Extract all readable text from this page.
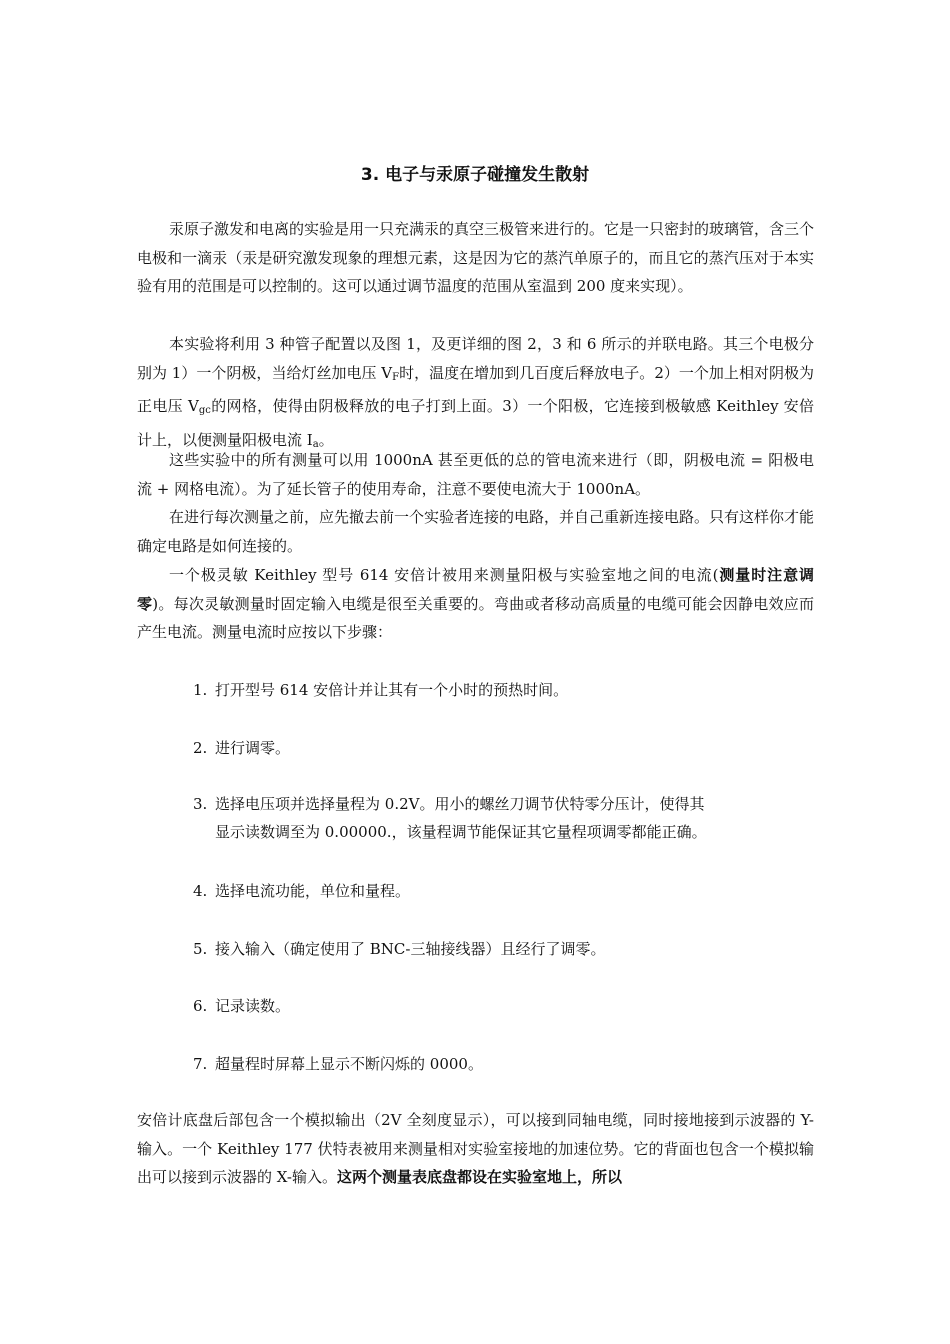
3. 电子与汞原子碰撞发生散射

汞原子激发和电离的实验是用一只充满汞的真空三极管来进行的。它是一只密封的玻璃管，含三个电极和一滴汞（汞是研究激发现象的理想元素，这是因为它的蒸汽单原子的，而且它的蒸汽压对于本实验有用的范围是可以控制的。这可以通过调节温度的范围从室温到 200 度来实现）。

本实验将利用 3 种管子配置以及图 1，及更详细的图 2，3 和 6 所示的并联电路。其三个电极分别为 1）一个阴极，当给灯丝加电压 $V_F$时，温度在增加到几百度后释放电子。2）一个加上相对阴极为正电压 $V_{gc}$的网格，使得由阴极释放的电子打到上面。3）一个阳极，它连接到极敏感 Keithley 安倍计上，以便测量阳极电流 $I_a$。

这些实验中的所有测量可以用 1000nA 甚至更低的总的管电流来进行（即，阴极电流 = 阳极电流 + 网格电流）。为了延长管子的使用寿命，注意不要使电流大于 1000nA。

在进行每次测量之前，应先撤去前一个实验者连接的电路，并自己重新连接电路。只有这样你才能确定电路是如何连接的。

一个极灵敏 Keithley 型号 614 安倍计被用来测量阳极与实验室地之间的电流(测量时注意调零)。每次灵敏测量时固定输入电缆是很至关重要的。弯曲或者移动高质量的电缆可能会因静电效应而产生电流。测量电流时应按以下步骤：

1. 打开型号 614 安倍计并让其有一个小时的预热时间。
2. 进行调零。
3. 选择电压项并选择量程为 0.2V。用小的螺丝刀调节伏特零分压计，使得其
显示读数调至为 0.00000.，该量程调节能保证其它量程项调零都能正确。
4. 选择电流功能，单位和量程。
5. 接入输入（确定使用了 BNC-三轴接线器）且经行了调零。
6. 记录读数。
7. 超量程时屏幕上显示不断闪烁的 0000。

安倍计底盘后部包含一个模拟输出（2V 全刻度显示），可以接到同轴电缆，同时接地接到示波器的 Y-输入。一个 Keithley 177 伏特表被用来测量相对实验室接地的加速位势。它的背面也包含一个模拟输出可以接到示波器的 X-输入。这两个测量表底盘都设在实验室地上，所以
